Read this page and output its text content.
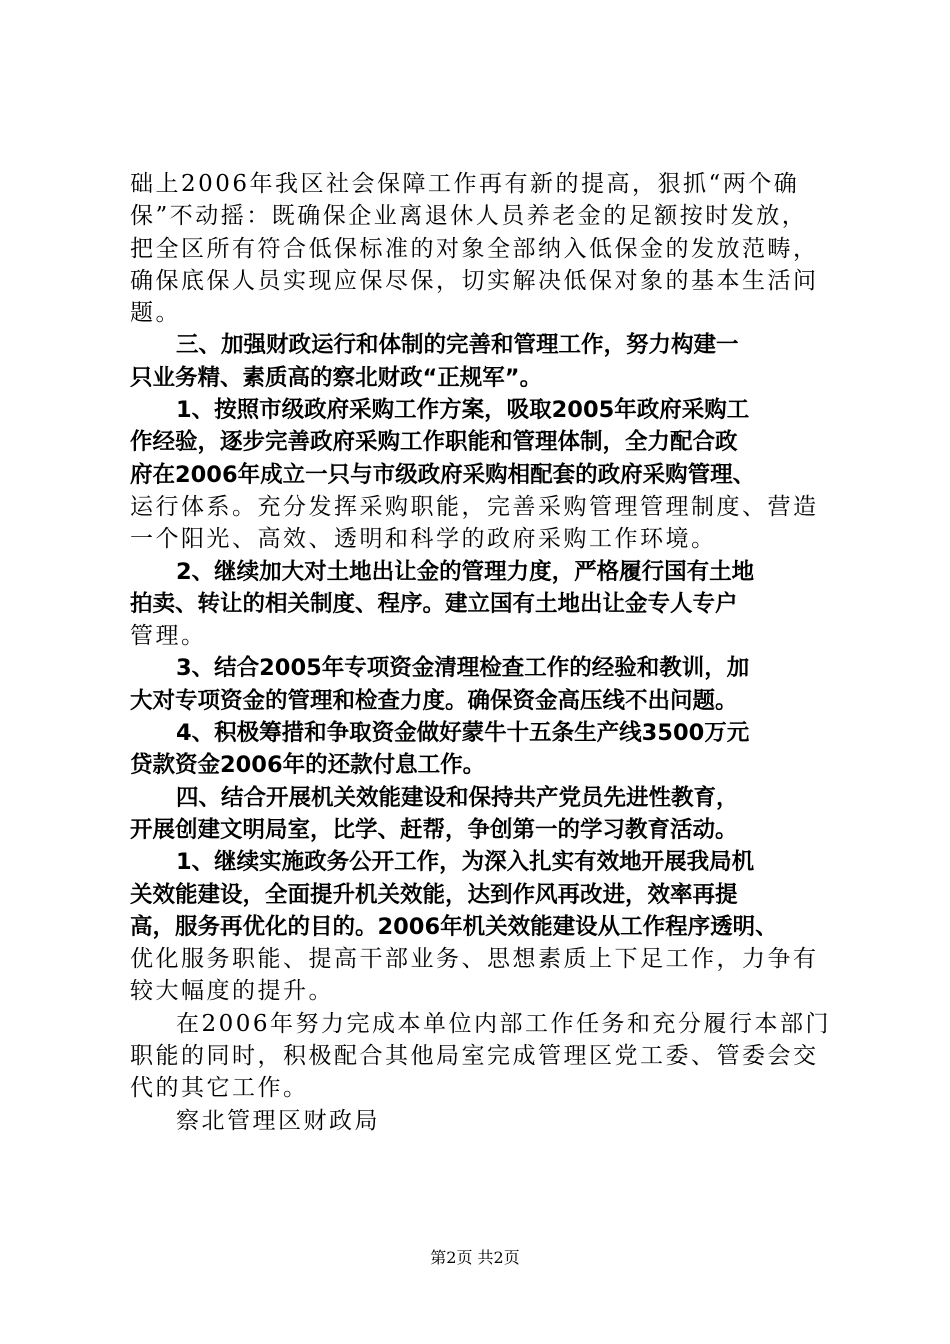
础上2006年我区社会保障工作再有新的提高，狠抓“两个确
保”不动摇：既确保企业离退休人员养老金的足额按时发放，
把全区所有符合低保标准的对象全部纳入低保金的发放范畴，
确保底保人员实现应保尽保，切实解决低保对象的基本生活问
题。
三、加强财政运行和体制的完善和管理工作，努力构建一
只业务精、素质高的察北财政“正规军”。
1、按照市级政府采购工作方案，吸取2005年政府采购工
作经验，逐步完善政府采购工作职能和管理体制，全力配合政
府在2006年成立一只与市级政府采购相配套的政府采购管理、
运行体系。充分发挥采购职能，完善采购管理管理制度、营造
一个阳光、高效、透明和科学的政府采购工作环境。
2、继续加大对土地出让金的管理力度，严格履行国有土地
拍卖、转让的相关制度、程序。建立国有土地出让金专人专户
管理。
3、结合2005年专项资金清理检查工作的经验和教训，加
大对专项资金的管理和检查力度。确保资金高压线不出问题。
4、积极筹措和争取资金做好蒙牛十五条生产线3500万元
贷款资金2006年的还款付息工作。
四、结合开展机关效能建设和保持共产党员先进性教育，
开展创建文明局室，比学、赶帮，争创第一的学习教育活动。
1、继续实施政务公开工作，为深入扎实有效地开展我局机
关效能建设，全面提升机关效能，达到作风再改进，效率再提
高，服务再优化的目的。2006年机关效能建设从工作程序透明、
优化服务职能、提高干部业务、思想素质上下足工作，力争有
较大幅度的提升。
在2006年努力完成本单位内部工作任务和充分履行本部门
职能的同时，积极配合其他局室完成管理区党工委、管委会交
代的其它工作。
察北管理区财政局
第2页 共2页
